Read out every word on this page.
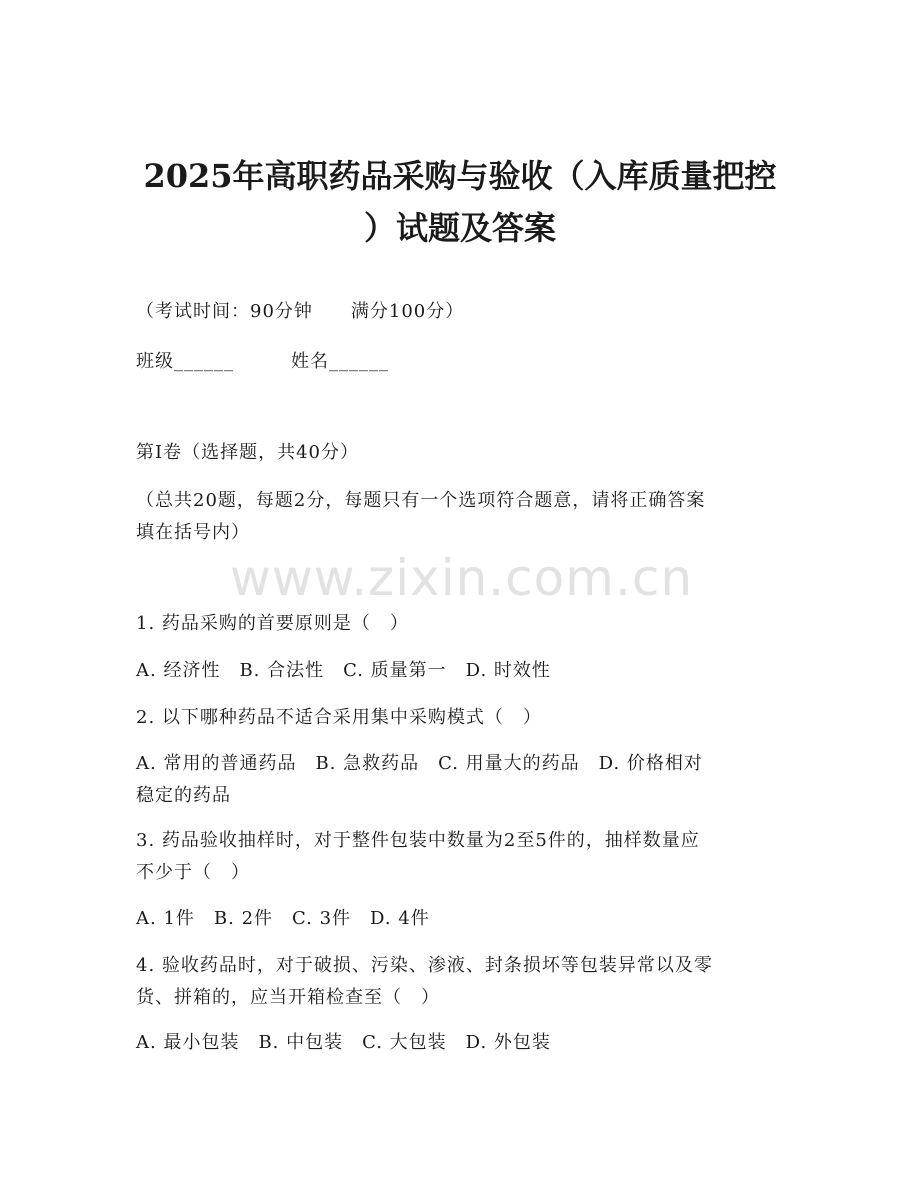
2025年高职药品采购与验收（入库质量把控
）试题及答案
（考试时间：90分钟　　满分100分）
班级______　　　姓名______
第Ⅰ卷（选择题，共40分）
（总共20题，每题2分，每题只有一个选项符合题意，请将正确答案
填在括号内）
www.zixin.com.cn
1. 药品采购的首要原则是（　）
A. 经济性　B. 合法性　C. 质量第一　D. 时效性
2. 以下哪种药品不适合采用集中采购模式（　）
A. 常用的普通药品　B. 急救药品　C. 用量大的药品　D. 价格相对
稳定的药品
3. 药品验收抽样时，对于整件包装中数量为2至5件的，抽样数量应
不少于（　）
A. 1件　B. 2件　C. 3件　D. 4件
4. 验收药品时，对于破损、污染、渗液、封条损坏等包装异常以及零
货、拼箱的，应当开箱检查至（　）
A. 最小包装　B. 中包装　C. 大包装　D. 外包装
